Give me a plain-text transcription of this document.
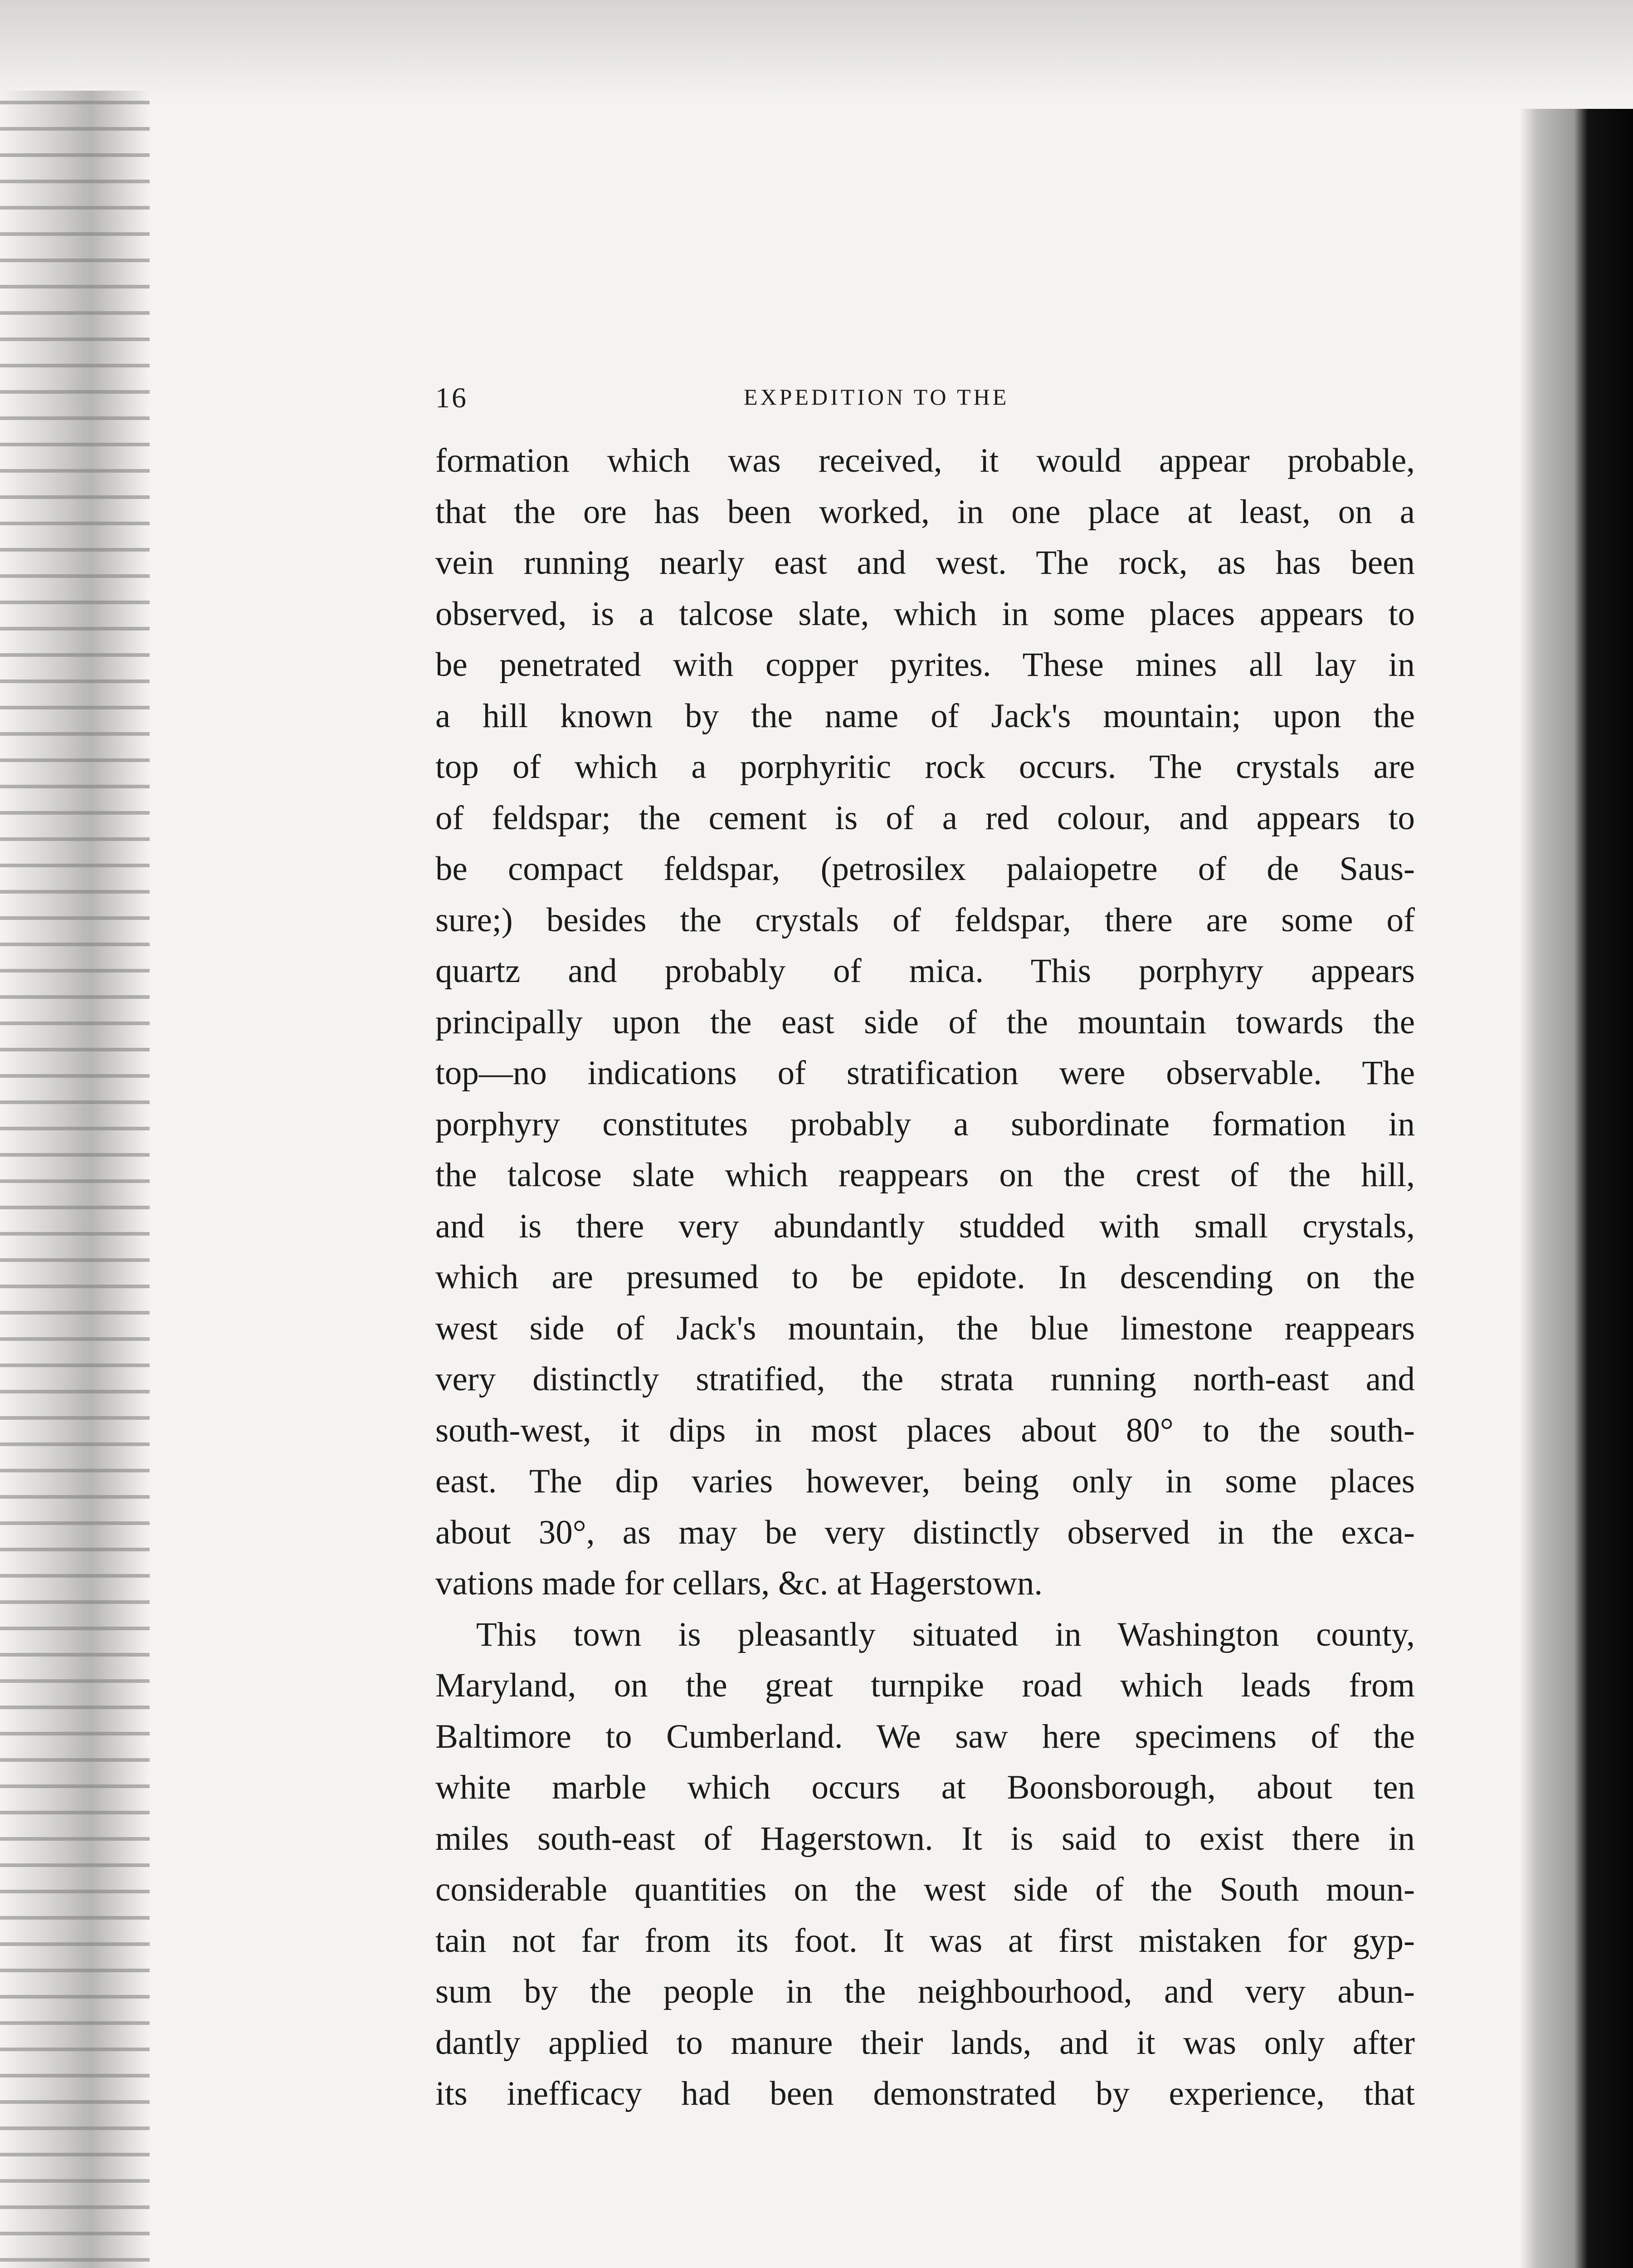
16	EXPEDITION TO THE
formation which was received, it would appear probable,
that the ore has been worked, in one place at least, on a
vein running nearly east and west. The rock, as has been
observed, is a talcose slate, which in some places appears to
be penetrated with copper pyrites. These mines all lay in
a hill known by the name of Jack's mountain; upon the
top of which a porphyritic rock occurs. The crystals are
of feldspar; the cement is of a red colour, and appears to
be compact feldspar, (petrosilex palaiopetre of de Saus-
sure;) besides the crystals of feldspar, there are some of
quartz and probably of mica. This porphyry appears
principally upon the east side of the mountain towards the
top—no indications of stratification were observable. The
porphyry constitutes probably a subordinate formation in
the talcose slate which reappears on the crest of the hill,
and is there very abundantly studded with small crystals,
which are presumed to be epidote. In descending on the
west side of Jack's mountain, the blue limestone reappears
very distinctly stratified, the strata running north-east and
south-west, it dips in most places about 80° to the south-
east. The dip varies however, being only in some places
about 30°, as may be very distinctly observed in the exca-
vations made for cellars, &c. at Hagerstown.
This town is pleasantly situated in Washington county,
Maryland, on the great turnpike road which leads from
Baltimore to Cumberland. We saw here specimens of the
white marble which occurs at Boonsborough, about ten
miles south-east of Hagerstown. It is said to exist there in
considerable quantities on the west side of the South moun-
tain not far from its foot. It was at first mistaken for gyp-
sum by the people in the neighbourhood, and very abun-
dantly applied to manure their lands, and it was only after
its inefficacy had been demonstrated by experience, that
